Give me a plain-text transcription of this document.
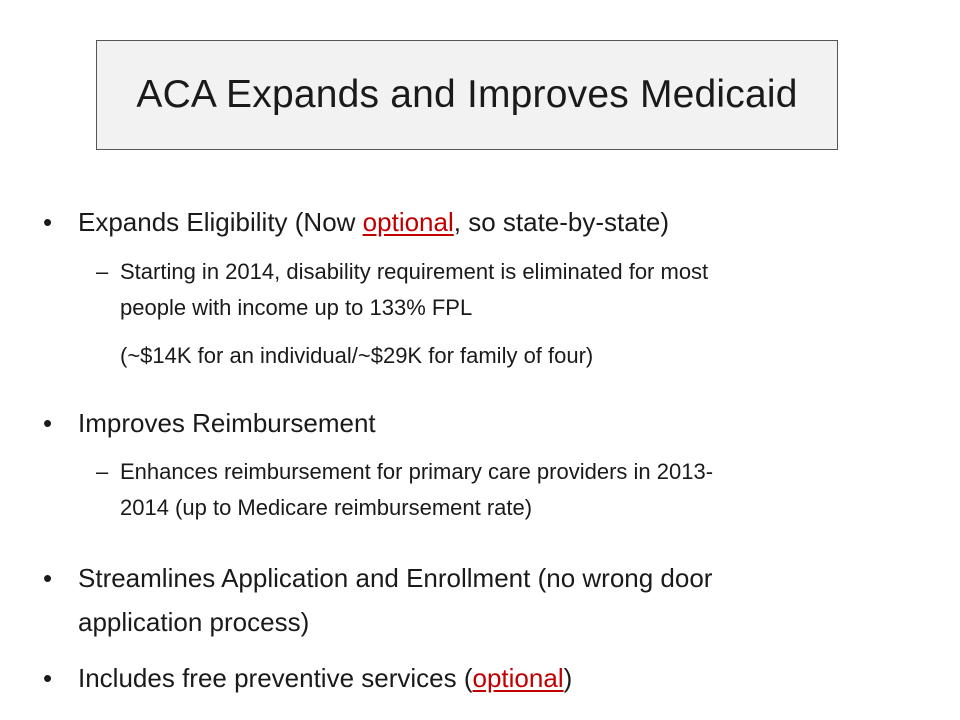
ACA Expands and Improves Medicaid
• Expands Eligibility (Now optional, so state-by-state)
– Starting in 2014, disability requirement is eliminated for most
people with income up to 133% FPL
(~$14K for an individual/~$29K for family of four)
• Improves Reimbursement
– Enhances reimbursement for primary care providers in 2013-
2014 (up to Medicare reimbursement rate)
• Streamlines Application and Enrollment (no wrong door
application process)
• Includes free preventive services (optional)
